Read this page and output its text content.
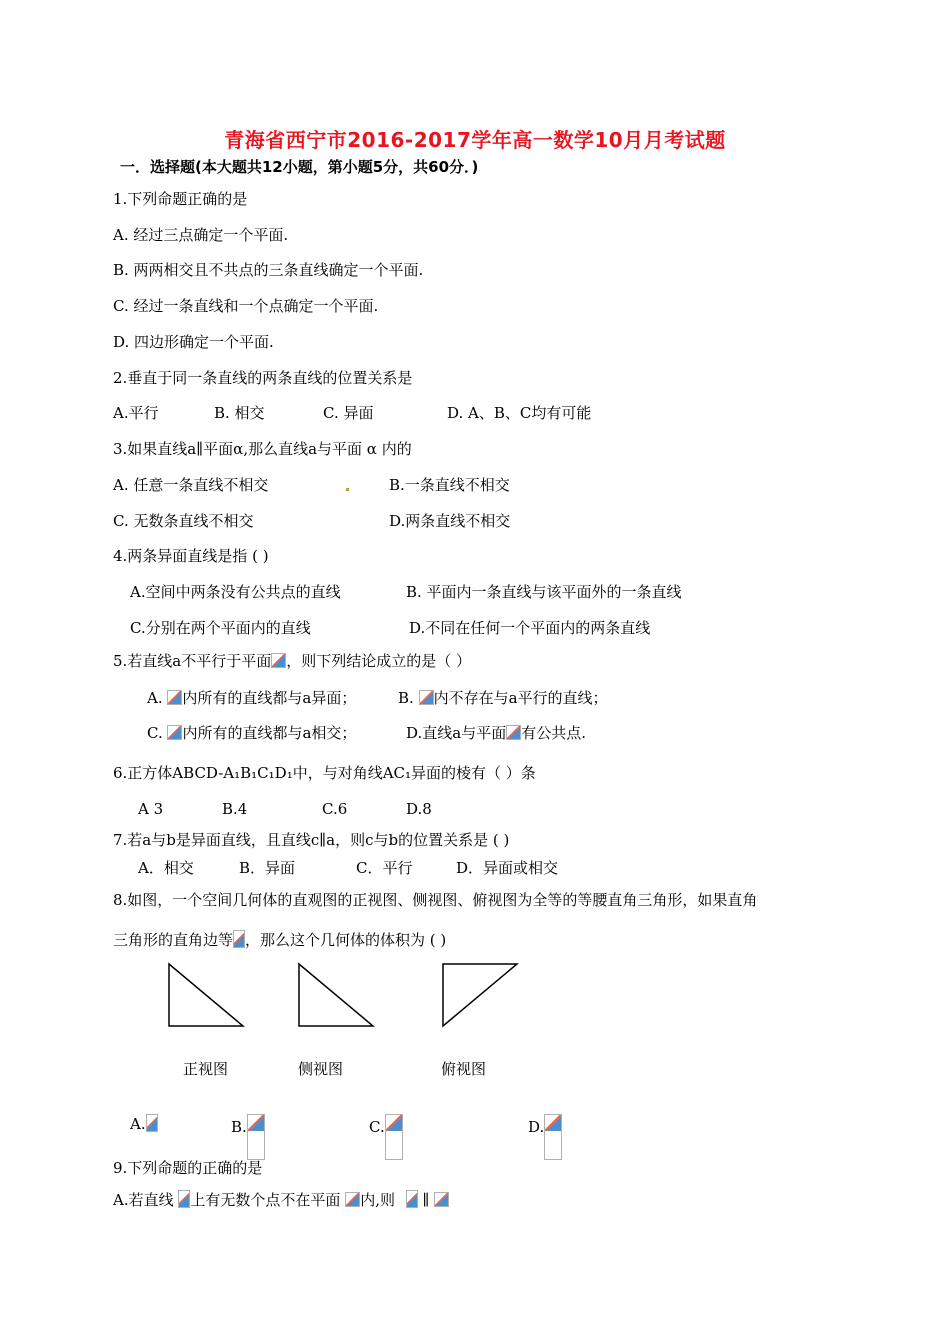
青海省西宁市2016-2017学年高一数学10月月考试题
一．选择题(本大题共12小题，第小题5分，共60分．)
1.下列命题正确的是
A. 经过三点确定一个平面.
B. 两两相交且不共点的三条直线确定一个平面.
C. 经过一条直线和一个点确定一个平面.
D. 四边形确定一个平面.
2.垂直于同一条直线的两条直线的位置关系是
A.平行	B. 相交	C. 异面	D. A、B、C均有可能
3.如果直线a∥平面α,那么直线a与平面 α 内的
A. 任意一条直线不相交	B.一条直线不相交
C. 无数条直线不相交	D.两条直线不相交
4.两条异面直线是指 ( )
A.空间中两条没有公共点的直线	B. 平面内一条直线与该平面外的一条直线
C.分别在两个平面内的直线	D.不同在任何一个平面内的两条直线
5.若直线a不平行于平面 ，则下列结论成立的是（ ）
A. 内所有的直线都与a异面；	B. 内不存在与a平行的直线；
C. 内所有的直线都与a相交；	D.直线a与平面 有公共点.
6.正方体ABCD-A₁B₁C₁D₁中，与对角线AC₁异面的棱有（ ）条
A 3	B.4	C.6	D.8
7.若a与b是异面直线，且直线c∥a，则c与b的位置关系是 ( )
A．相交	B．异面	C．平行	D．异面或相交
8.如图，一个空间几何体的直观图的正视图、侧视图、俯视图为全等的等腰直角三角形，如果直角
三角形的直角边等 ，那么这个几何体的体积为 ( )
正视图	侧视图	俯视图
A.	B.	C.	D.
9.下列命题的正确的是
A.若直线 上有无数个点不在平面 内,则 ∥
